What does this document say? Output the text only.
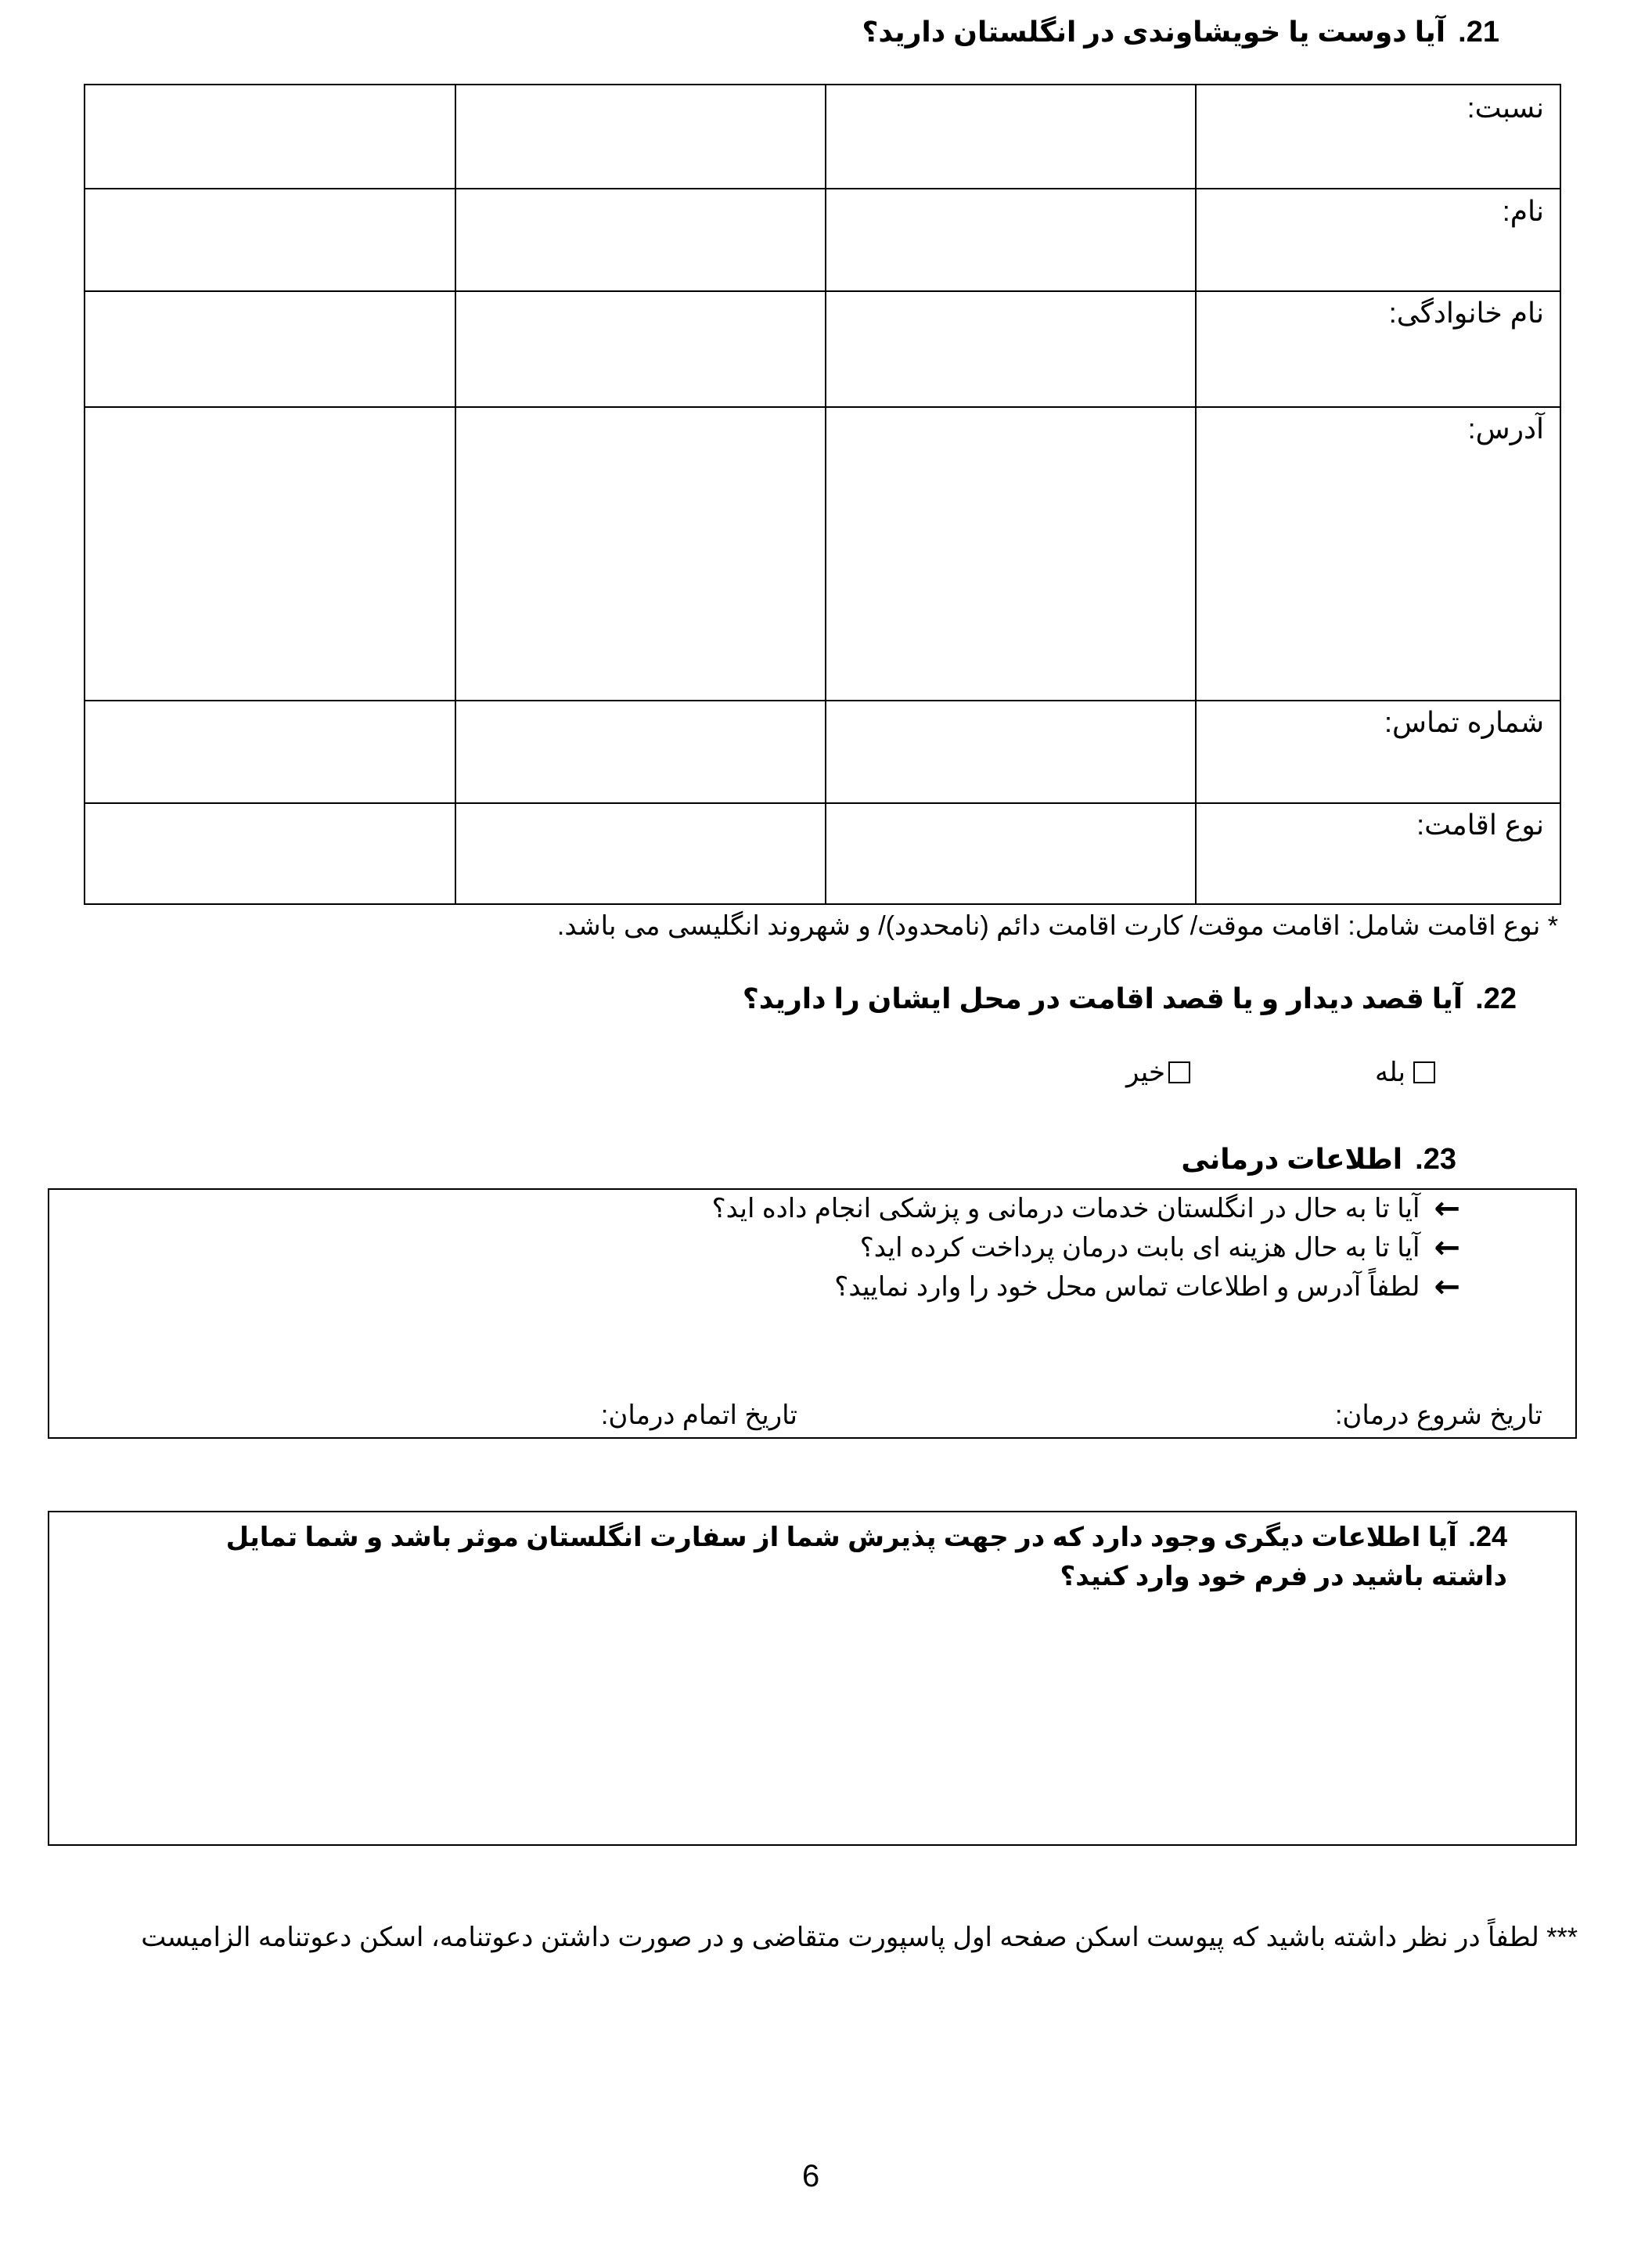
21.آیا دوست یا خویشاوندی در انگلستان دارید؟
نسبت:
نام:
نام خانوادگی:
آدرس:
شماره تماس:
نوع اقامت:
* نوع اقامت شامل: اقامت موقت/ کارت اقامت دائم (نامحدود)/ و شهروند انگلیسی می باشد.
22.آیا قصد دیدار و یا قصد اقامت در محل ایشان را دارید؟
بله
خیر
23.اطلاعات درمانی
←
آیا تا به حال در انگلستان خدمات درمانی و پزشکی انجام داده اید؟
←
آیا تا به حال هزینه ای بابت درمان پرداخت کرده اید؟
←
لطفاً آدرس و اطلاعات تماس محل خود را وارد نمایید؟
تاریخ شروع درمان:
تاریخ اتمام درمان:
24.آیا اطلاعات دیگری وجود دارد که در جهت پذیرش شما از سفارت انگلستان موثر باشد و شما تمایل داشته باشید در فرم خود وارد کنید؟
*** لطفاً در نظر داشته باشید که پیوست اسکن صفحه اول پاسپورت متقاضی و در صورت داشتن دعوتنامه، اسکن دعوتنامه الزامیست
6
